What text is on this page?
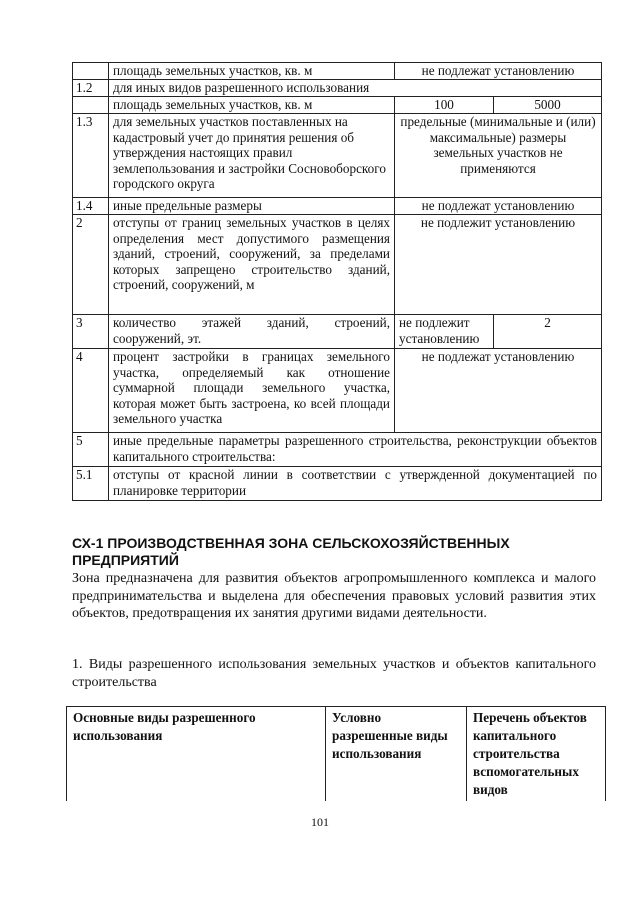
	площадь земельных участков, кв. м	не подлежат установлению	
1.2	для иных видов разрешенного использования		
	площадь земельных участков, кв. м	100	5000
1.3	для земельных участков поставленных на кадастровый учет до принятия решения об утверждения настоящих правил землепользования и застройки Сосновоборского городского округа	предельные (минимальные и (или) максимальные) размеры земельных участков не применяются	
1.4	иные предельные размеры	не подлежат установлению	
2	отступы от границ земельных участков в целях определения мест допустимого размещения зданий, строений, сооружений, за пределами которых запрещено строительство зданий, строений, сооружений, м	не подлежит установлению	
3	количество этажей зданий, строений, сооружений, эт.	не подлежит установлению	2
4	процент застройки в границах земельного участка, определяемый как отношение суммарной площади земельного участка, которая может быть застроена, ко всей площади земельного участка	не подлежат установлению	
5	иные предельные параметры разрешенного строительства, реконструкции объектов капитального строительства:		
5.1	отступы от красной линии в соответствии с утвержденной документацией по планировке территории		
СХ-1 ПРОИЗВОДСТВЕННАЯ ЗОНА СЕЛЬСКОХОЗЯЙСТВЕННЫХ ПРЕДПРИЯТИЙ
Зона предназначена для развития объектов агропромышленного комплекса и малого предпринимательства и выделена для обеспечения правовых условий развития этих объектов, предотвращения их занятия другими видами деятельности.
1. Виды разрешенного использования земельных участков и объектов капитального строительства
Основные виды разрешенного использования	Условно разрешенные виды использования	Перечень объектов капитального строительства вспомогательных видов
101
